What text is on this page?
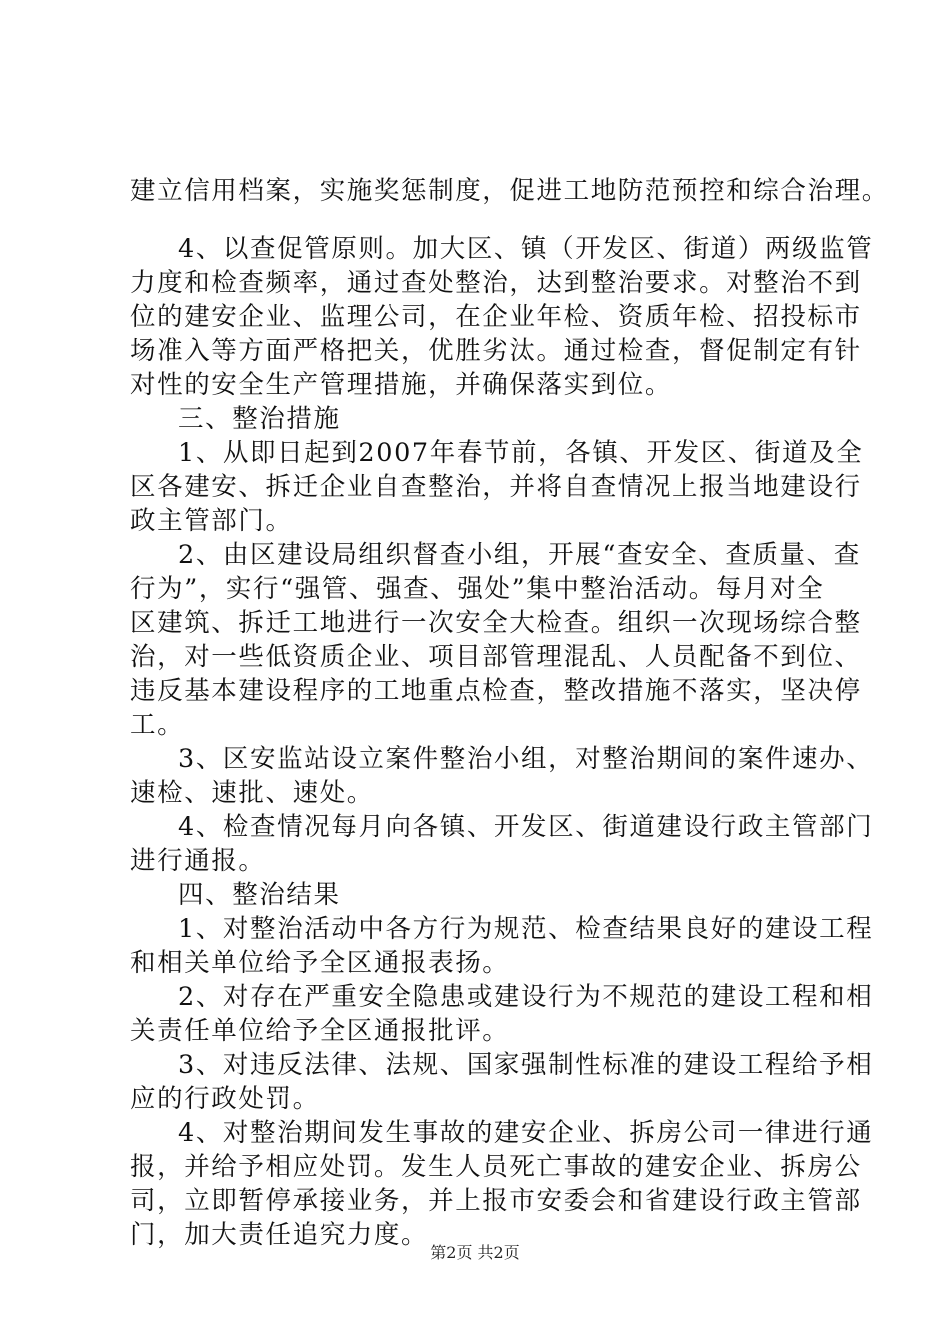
建立信用档案，实施奖惩制度，促进工地防范预控和综合治理。
4、以查促管原则。加大区、镇（开发区、街道）两级监管
力度和检查频率，通过查处整治，达到整治要求。对整治不到
位的建安企业、监理公司，在企业年检、资质年检、招投标市
场准入等方面严格把关，优胜劣汰。通过检查，督促制定有针
对性的安全生产管理措施，并确保落实到位。
三、整治措施
1、从即日起到2007年春节前，各镇、开发区、街道及全
区各建安、拆迁企业自查整治，并将自查情况上报当地建设行
政主管部门。
2、由区建设局组织督查小组，开展“查安全、查质量、查
行为”，实行“强管、强查、强处”集中整治活动。每月对全
区建筑、拆迁工地进行一次安全大检查。组织一次现场综合整
治，对一些低资质企业、项目部管理混乱、人员配备不到位、
违反基本建设程序的工地重点检查，整改措施不落实，坚决停
工。
3、区安监站设立案件整治小组，对整治期间的案件速办、
速检、速批、速处。
4、检查情况每月向各镇、开发区、街道建设行政主管部门
进行通报。
四、整治结果
1、对整治活动中各方行为规范、检查结果良好的建设工程
和相关单位给予全区通报表扬。
2、对存在严重安全隐患或建设行为不规范的建设工程和相
关责任单位给予全区通报批评。
3、对违反法律、法规、国家强制性标准的建设工程给予相
应的行政处罚。
4、对整治期间发生事故的建安企业、拆房公司一律进行通
报，并给予相应处罚。发生人员死亡事故的建安企业、拆房公
司，立即暂停承接业务，并上报市安委会和省建设行政主管部
门，加大责任追究力度。
第2页 共2页
